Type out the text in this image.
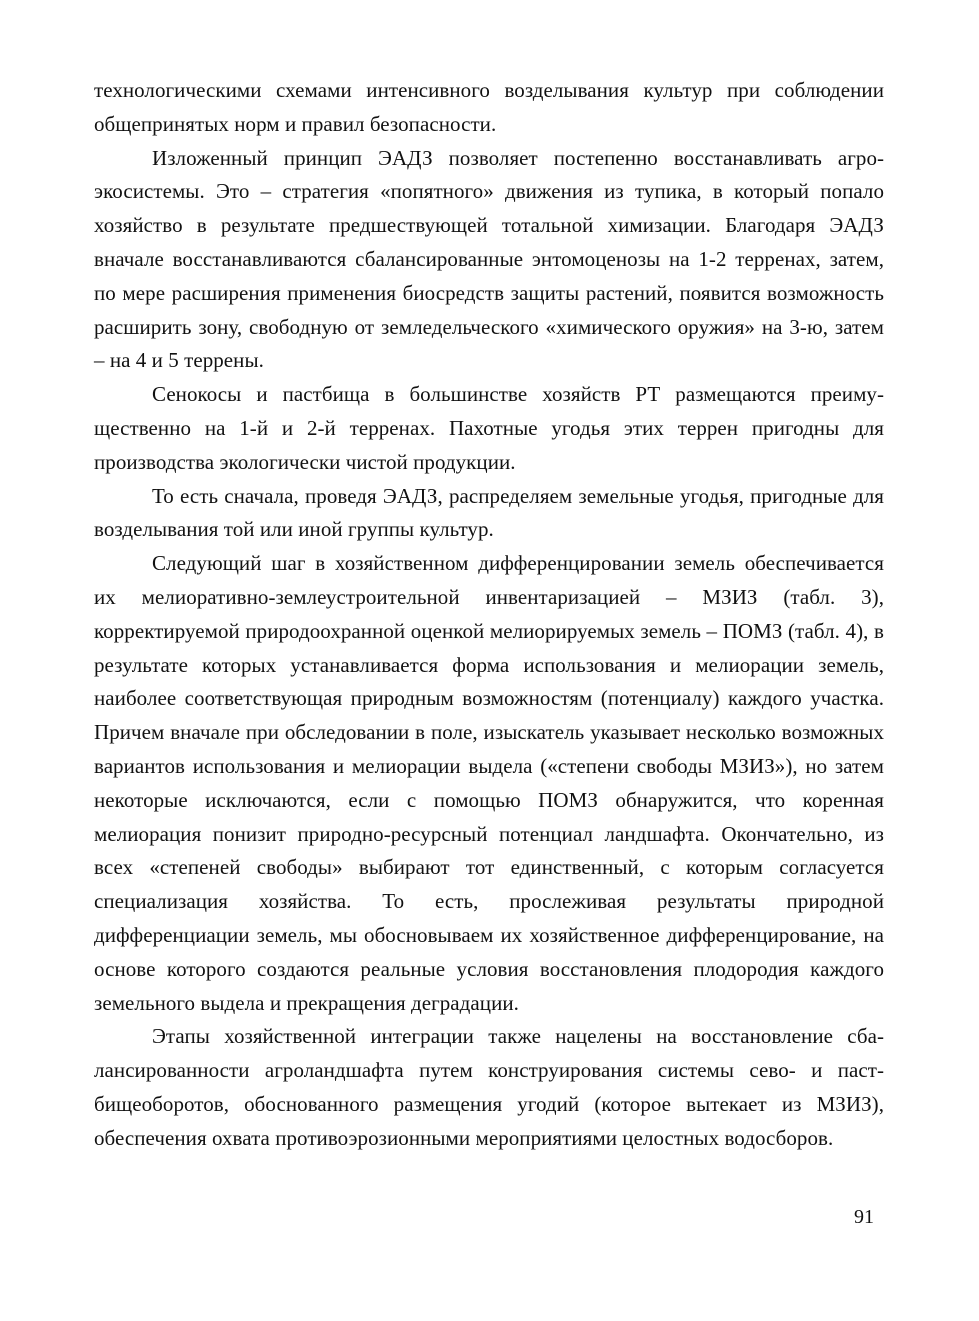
технологическими схемами интенсивного возделывания культур при соблюдении общепринятых норм и правил безопасности.

Изложенный принцип ЭАДЗ позволяет постепенно восстанавливать агроэкосистемы. Это – стратегия «попятного» движения из тупика, в который попало хозяйство в результате предшествующей тотальной химизации. Благодаря ЭАДЗ вначале восстанавливаются сбалансированные энтомоценозы на 1-2 терренах, затем, по мере расширения применения биосредств защиты растений, появится возможность расширить зону, свободную от земледельческого «химического оружия» на 3-ю, затем – на 4 и 5 террены.

Сенокосы и пастбища в большинстве хозяйств РТ размещаются преимущественно на 1-й и 2-й терренах. Пахотные угодья этих террен пригодны для производства экологически чистой продукции.

То есть сначала, проведя ЭАДЗ, распределяем земельные угодья, пригодные для возделывания той или иной группы культур.

Следующий шаг в хозяйственном дифференцировании земель обеспечивается их мелиоративно-землеустроительной инвентаризацией – МЗИЗ (табл. 3), корректируемой природоохранной оценкой мелиорируемых земель – ПОМЗ (табл. 4), в результате которых устанавливается форма использования и мелиорации земель, наиболее соответствующая природным возможностям (потенциалу) каждого участка. Причем вначале при обследовании в поле, изыскатель указывает несколько возможных вариантов использования и мелиорации выдела («степени свободы МЗИЗ»), но затем некоторые исключаются, если с помощью ПОМЗ обнаружится, что коренная мелиорация понизит природно-ресурсный потенциал ландшафта. Окончательно, из всех «степеней свободы» выбирают тот единственный, с которым согласуется специализация хозяйства. То есть, прослеживая результаты природной дифференциации земель, мы обосновываем их хозяйственное дифференцирование, на основе которого создаются реальные условия восстановления плодородия каждого земельного выдела и прекращения деградации.

Этапы хозяйственной интеграции также нацелены на восстановление сбалансированности агроландшафта путем конструирования системы сево- и пастбищеоборотов, обоснованного размещения угодий (которое вытекает из МЗИЗ), обеспечения охвата противоэрозионными мероприятиями целостных водосборов.

91
